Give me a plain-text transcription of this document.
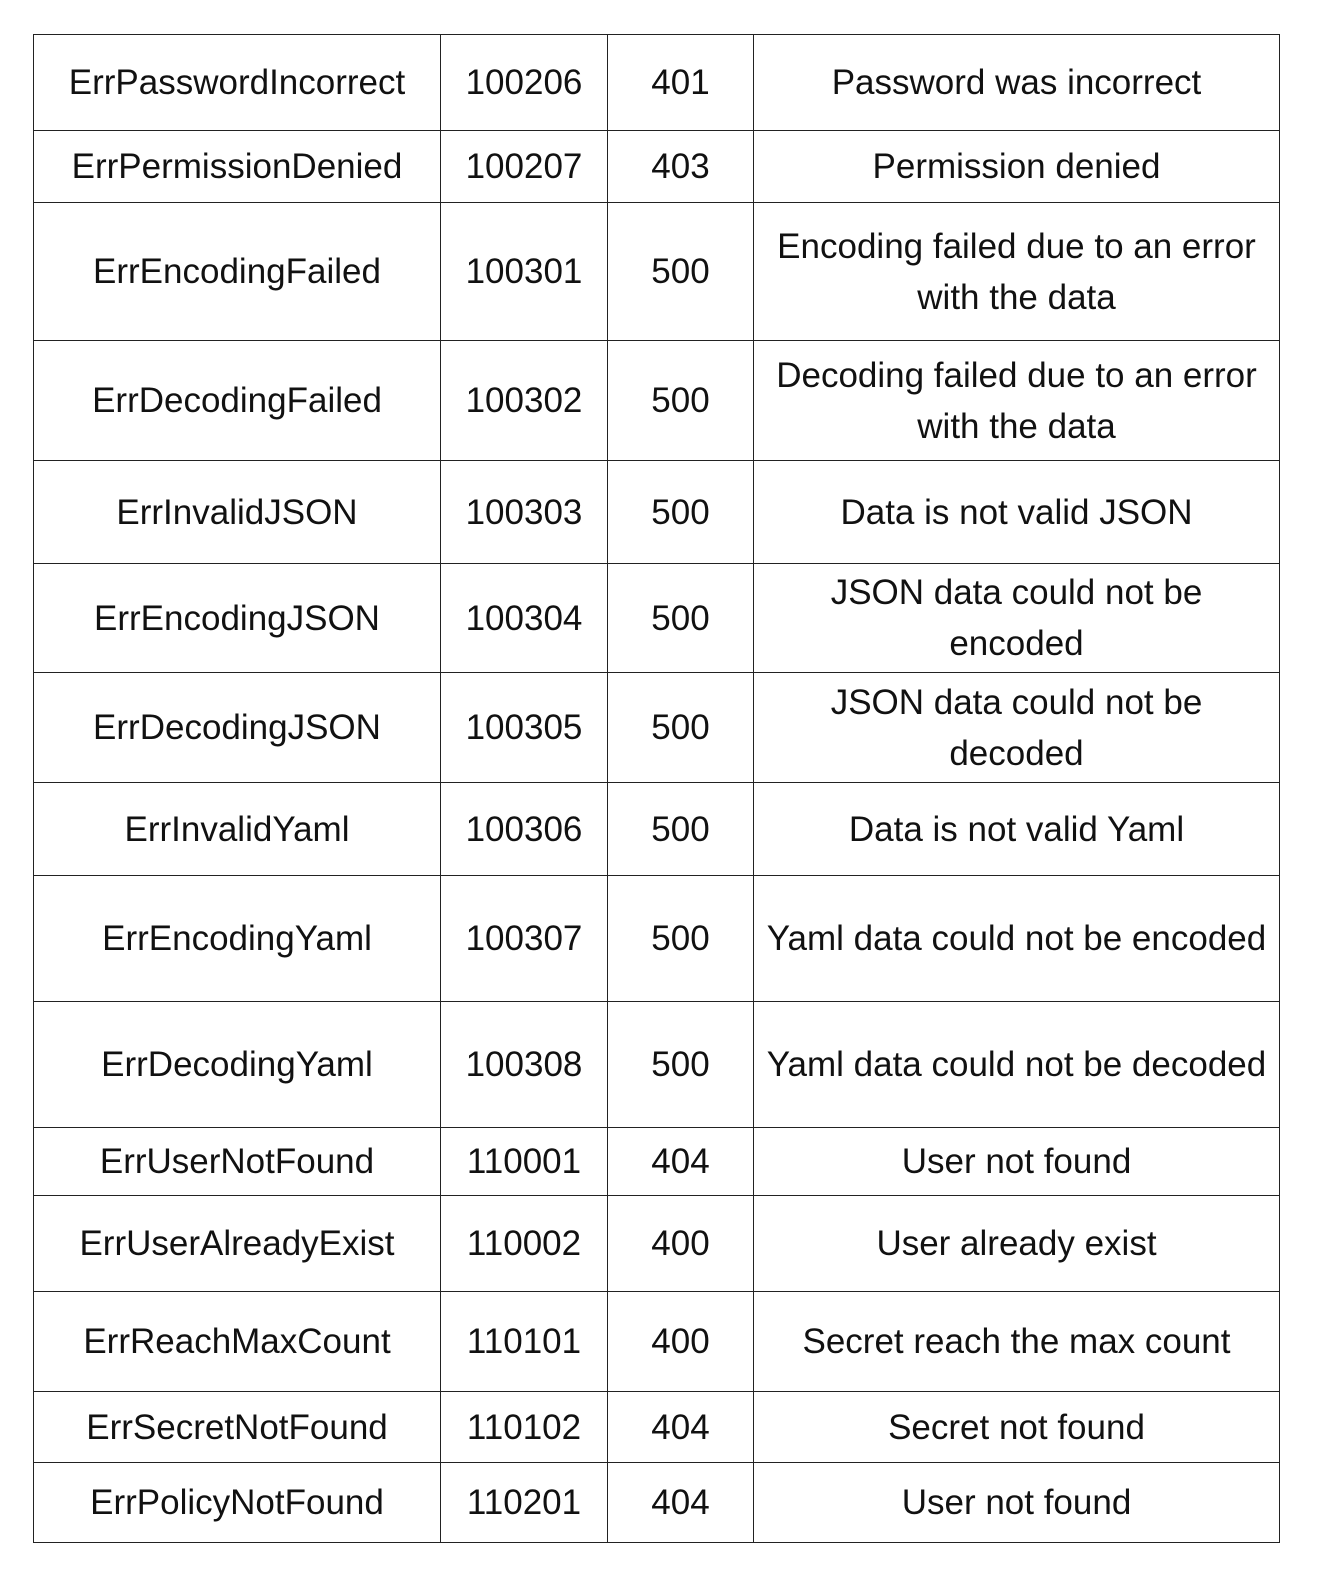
ErrPasswordIncorrect	100206	401	Password was incorrect
ErrPermissionDenied	100207	403	Permission denied
ErrEncodingFailed	100301	500	Encoding failed due to an error with the data
ErrDecodingFailed	100302	500	Decoding failed due to an error with the data
ErrInvalidJSON	100303	500	Data is not valid JSON
ErrEncodingJSON	100304	500	JSON data could not be encoded
ErrDecodingJSON	100305	500	JSON data could not be decoded
ErrInvalidYaml	100306	500	Data is not valid Yaml
ErrEncodingYaml	100307	500	Yaml data could not be encoded
ErrDecodingYaml	100308	500	Yaml data could not be decoded
ErrUserNotFound	110001	404	User not found
ErrUserAlreadyExist	110002	400	User already exist
ErrReachMaxCount	110101	400	Secret reach the max count
ErrSecretNotFound	110102	404	Secret not found
ErrPolicyNotFound	110201	404	User not found
